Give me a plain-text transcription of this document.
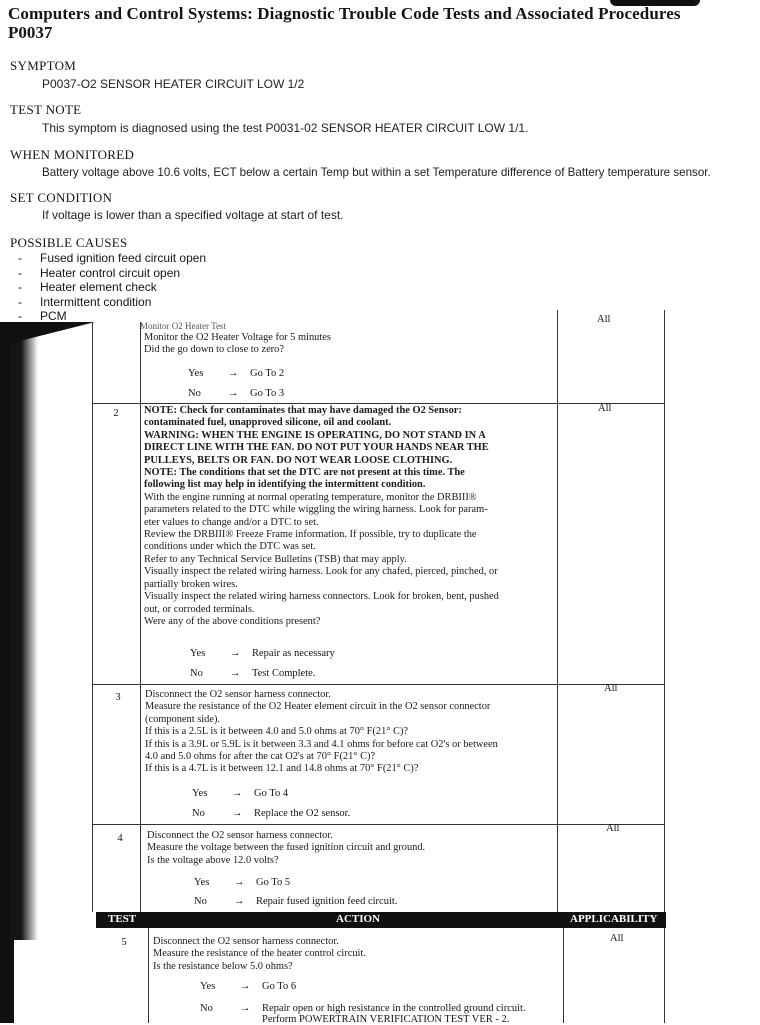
Computers and Control Systems: Diagnostic Trouble Code Tests and Associated Procedures
P0037
SYMPTOM
P0037-O2 SENSOR HEATER CIRCUIT LOW 1/2
TEST NOTE
This symptom is diagnosed using the test P0031-02 SENSOR HEATER CIRCUIT LOW 1/1.
WHEN MONITORED
Battery voltage above 10.6 volts, ECT below a certain Temp but within a set Temperature difference of Battery temperature sensor.
SET CONDITION
If voltage is lower than a specified voltage at start of test.
POSSIBLE CAUSES
- Fused ignition feed circuit open
- Heater control circuit open
- Heater element check
- Intermittent condition
- PCM
Monitor O2 Heater Test
Monitor the O2 Heater Voltage for 5 minutes
Did the go down to close to zero?
Yes → Go To 2
No	→ Go To 3
All
2	NOTE: Check for contaminates that may have damaged the O2 Sensor:
contaminated fuel, unapproved silicone, oil and coolant.
WARNING: WHEN THE ENGINE IS OPERATING, DO NOT STAND IN A
DIRECT LINE WITH THE FAN. DO NOT PUT YOUR HANDS NEAR THE
PULLEYS, BELTS OR FAN. DO NOT WEAR LOOSE CLOTHING.
NOTE: The conditions that set the DTC are not present at this time. The
following list may help in identifying the intermittent condition.
With the engine running at normal operating temperature, monitor the DRBIII®
parameters related to the DTC while wiggling the wiring harness. Look for param-
eter values to change and/or a DTC to set.
Review the DRBIII® Freeze Frame information. If possible, try to duplicate the
conditions under which the DTC was set.
Refer to any Technical Service Bulletins (TSB) that may apply.
Visually inspect the related wiring harness. Look for any chafed, pierced, pinched, or
partially broken wires.
Visually inspect the related wiring harness connectors. Look for broken, bent, pushed
out, or corroded terminals.
Were any of the above conditions present?
Yes → Repair as necessary
No	→ Test Complete.
All
3	Disconnect the O2 sensor harness connector.
Measure the resistance of the O2 Heater element circuit in the O2 sensor connector
(component side).
If this is a 2.5L is it between 4.0 and 5.0 ohms at 70° F(21° C)?
If this is a 3.9L or 5.9L is it between 3.3 and 4.1 ohms for before cat O2's or between
4.0 and 5.0 ohms for after the cat O2's at 70° F(21° C)?
If this is a 4.7L is it between 12.1 and 14.8 ohms at 70° F(21° C)?
Yes → Go To 4
No	→ Replace the O2 sensor.
All
4	Disconnect the O2 sensor harness connector.
Measure the voltage between the fused ignition circuit and ground.
Is the voltage above 12.0 volts?
Yes → Go To 5
No	→ Repair fused ignition feed circuit.
All
TEST	ACTION	APPLICABILITY
5	Disconnect the O2 sensor harness connector.
Measure the resistance of the heater control circuit.
Is the resistance below 5.0 ohms?
Yes → Go To 6
No	→ Repair open or high resistance in the controlled ground circuit.
Perform POWERTRAIN VERIFICATION TEST VER - 2.
All
